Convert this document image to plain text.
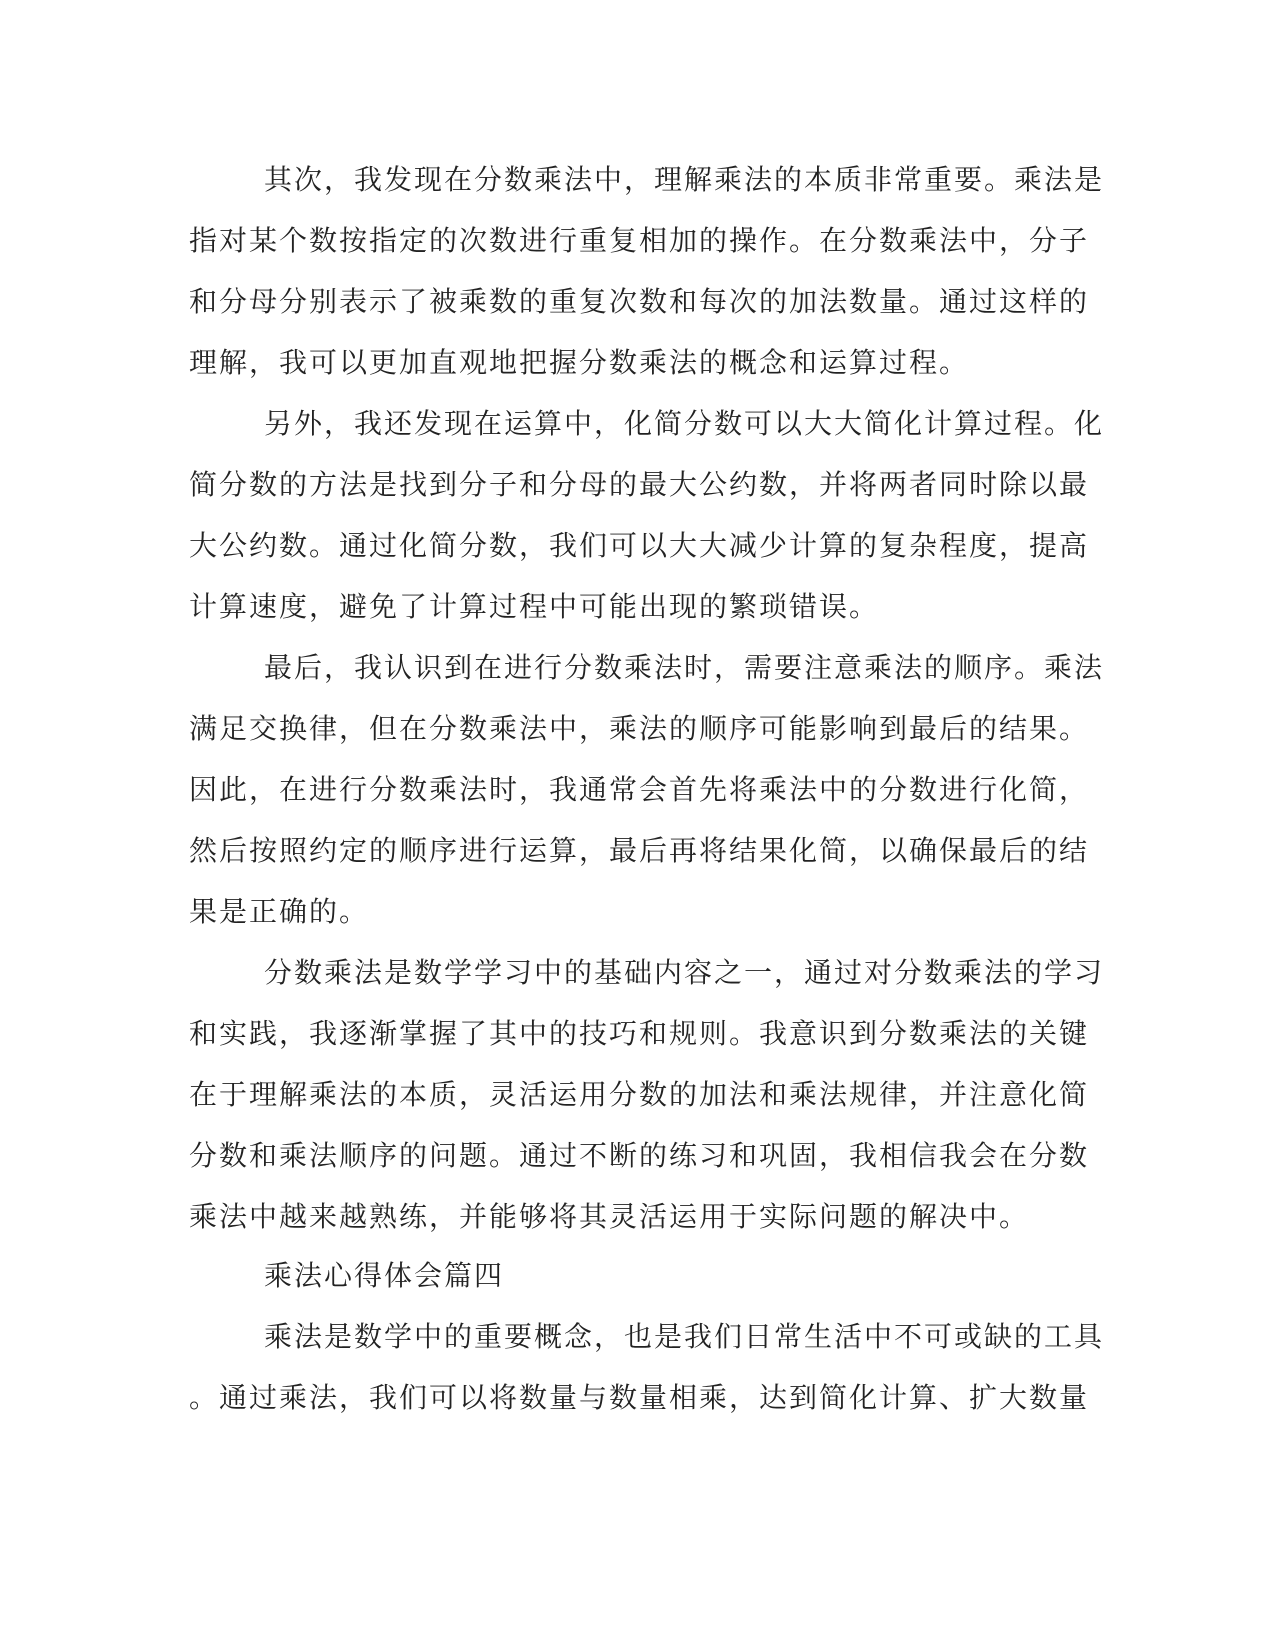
其次，我发现在分数乘法中，理解乘法的本质非常重要。乘法是
指对某个数按指定的次数进行重复相加的操作。在分数乘法中，分子
和分母分别表示了被乘数的重复次数和每次的加法数量。通过这样的
理解，我可以更加直观地把握分数乘法的概念和运算过程。
另外，我还发现在运算中，化简分数可以大大简化计算过程。化
简分数的方法是找到分子和分母的最大公约数，并将两者同时除以最
大公约数。通过化简分数，我们可以大大减少计算的复杂程度，提高
计算速度，避免了计算过程中可能出现的繁琐错误。
最后，我认识到在进行分数乘法时，需要注意乘法的顺序。乘法
满足交换律，但在分数乘法中，乘法的顺序可能影响到最后的结果。
因此，在进行分数乘法时，我通常会首先将乘法中的分数进行化简，
然后按照约定的顺序进行运算，最后再将结果化简，以确保最后的结
果是正确的。
分数乘法是数学学习中的基础内容之一，通过对分数乘法的学习
和实践，我逐渐掌握了其中的技巧和规则。我意识到分数乘法的关键
在于理解乘法的本质，灵活运用分数的加法和乘法规律，并注意化简
分数和乘法顺序的问题。通过不断的练习和巩固，我相信我会在分数
乘法中越来越熟练，并能够将其灵活运用于实际问题的解决中。
乘法心得体会篇四
乘法是数学中的重要概念，也是我们日常生活中不可或缺的工具
。通过乘法，我们可以将数量与数量相乘，达到简化计算、扩大数量
